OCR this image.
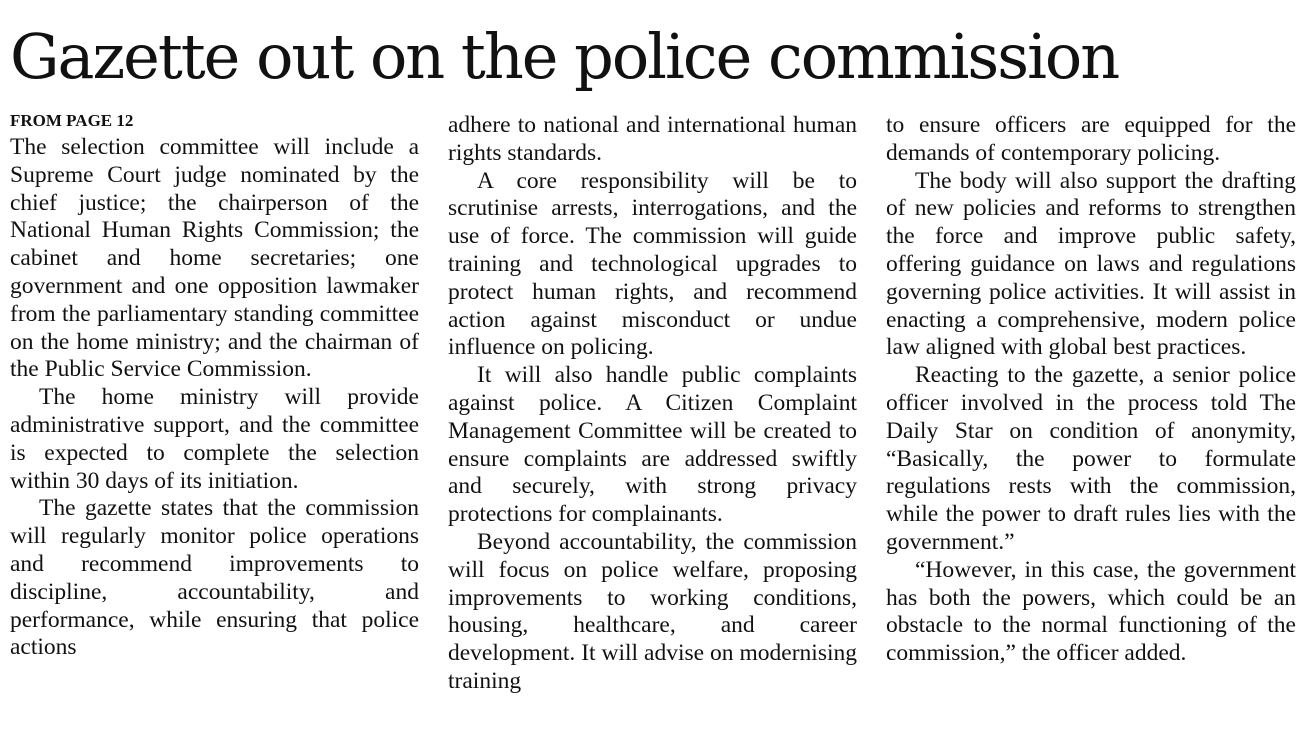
Gazette out on the police commission
FROM PAGE 12

The selection committee will include a Supreme Court judge nominated by the chief justice; the chairperson of the National Human Rights Commission; the cabinet and home secretaries; one government and one opposition lawmaker from the parliamentary standing committee on the home ministry; and the chairman of the Public Service Commission.

The home ministry will provide administrative support, and the committee is expected to complete the selection within 30 days of its initiation.

The gazette states that the commission will regularly monitor police operations and recommend improvements to discipline, accountability, and performance, while ensuring that police actions

adhere to national and international human rights standards.

A core responsibility will be to scrutinise arrests, interrogations, and the use of force. The commission will guide training and technological upgrades to protect human rights, and recommend action against misconduct or undue influence on policing.

It will also handle public complaints against police. A Citizen Complaint Management Committee will be created to ensure complaints are addressed swiftly and securely, with strong privacy protections for complainants.

Beyond accountability, the commission will focus on police welfare, proposing improvements to working conditions, housing, healthcare, and career development. It will advise on modernising training

to ensure officers are equipped for the demands of contemporary policing.

The body will also support the drafting of new policies and reforms to strengthen the force and improve public safety, offering guidance on laws and regulations governing police activities. It will assist in enacting a comprehensive, modern police law aligned with global best practices.

Reacting to the gazette, a senior police officer involved in the process told The Daily Star on condition of anonymity, “Basically, the power to formulate regulations rests with the commission, while the power to draft rules lies with the government.”

“However, in this case, the government has both the powers, which could be an obstacle to the normal functioning of the commission,” the officer added.
